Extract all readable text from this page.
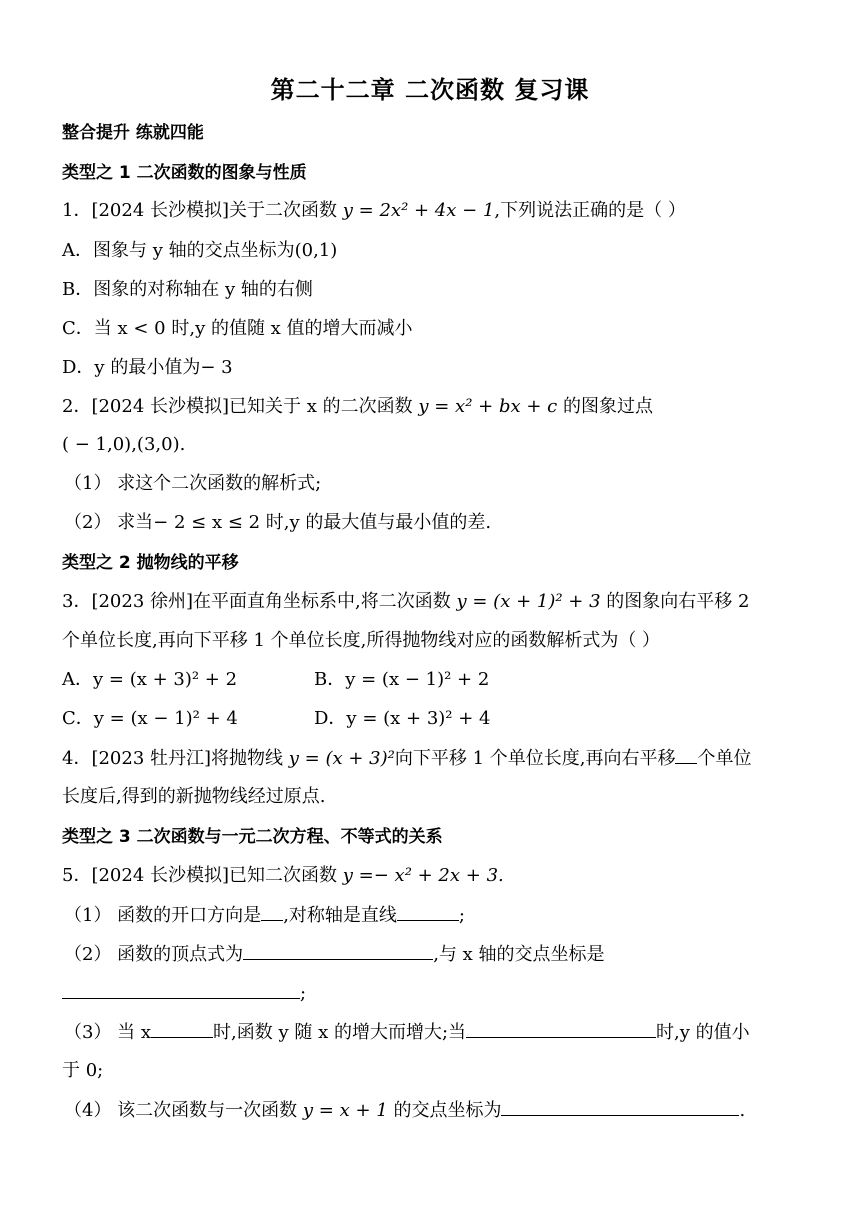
第二十二章 二次函数 复习课
整合提升 练就四能
类型之 1 二次函数的图象与性质
1．[2024 长沙模拟]关于二次函数 y = 2x² + 4x − 1,下列说法正确的是（ ）
A．图象与 y 轴的交点坐标为(0,1)
B．图象的对称轴在 y 轴的右侧
C．当 x < 0 时,y 的值随 x 值的增大而减小
D．y 的最小值为− 3
2．[2024 长沙模拟]已知关于 x 的二次函数 y = x² + bx + c 的图象过点
( − 1,0),(3,0).
（1） 求这个二次函数的解析式;
（2） 求当− 2 ≤ x ≤ 2 时,y 的最大值与最小值的差.
类型之 2 抛物线的平移
3．[2023 徐州]在平面直角坐标系中,将二次函数 y = (x + 1)² + 3 的图象向右平移 2
个单位长度,再向下平移 1 个单位长度,所得抛物线对应的函数解析式为（ ）
A．y = (x + 3)² + 2	B．y = (x − 1)² + 2
C．y = (x − 1)² + 4	D．y = (x + 3)² + 4
4．[2023 牡丹江]将抛物线 y = (x + 3)²向下平移 1 个单位长度,再向右平移 个单位
长度后,得到的新抛物线经过原点.
类型之 3 二次函数与一元二次方程、不等式的关系
5．[2024 长沙模拟]已知二次函数 y =− x² + 2x + 3.
（1） 函数的开口方向是 ,对称轴是直线	;
（2） 函数的顶点式为	,与 x 轴的交点坐标是
;
（3） 当 x	时,函数 y 随 x 的增大而增大;当	时,y 的值小
于 0;
（4） 该二次函数与一次函数 y = x + 1 的交点坐标为	.
